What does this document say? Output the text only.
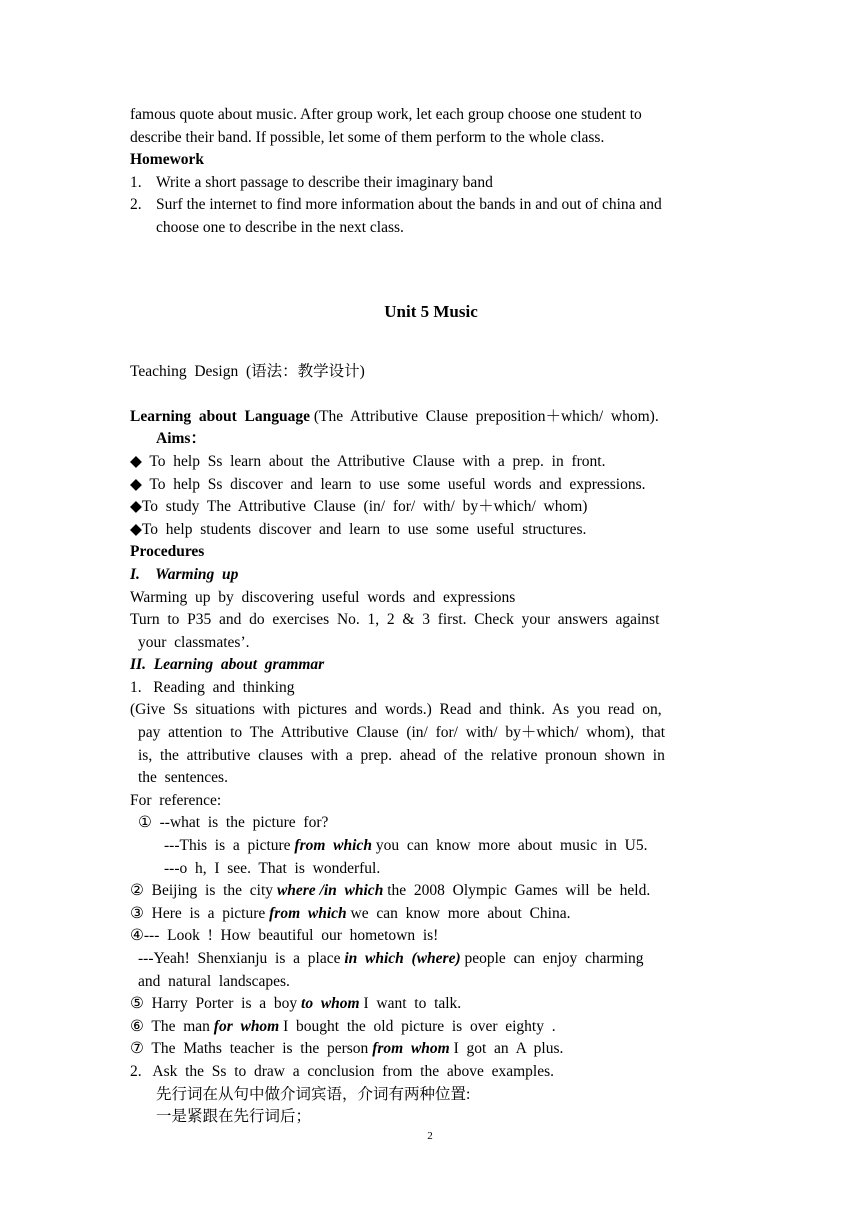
famous quote about music. After group work, let each group choose one student to

describe their band. If possible, let some of them perform to the whole class.

Homework

1. Write a short passage to describe their imaginary band
2. Surf the internet to find more information about the bands in and out of china and

choose one to describe in the next class.

Unit 5 Music

Teaching  Design  (语法：教学设计)

Learning  about  Language (The  Attributive  Clause  preposition＋which/  whom).

Aims：

◆  To  help  Ss  learn  about  the  Attributive  Clause  with  a  prep.  in  front.

◆  To  help  Ss  discover  and  learn  to  use  some  useful  words  and  expressions.

◆To  study  The  Attributive  Clause  (in/  for/  with/  by＋which/  whom)

◆To  help  students  discover  and  learn  to  use  some  useful  structures.

Procedures

I.    Warming  up

Warming  up  by  discovering  useful  words  and  expressions

Turn  to  P35  and  do  exercises  No.  1,  2  &  3  first.  Check  your  answers  against

your  classmates’.

II.  Learning  about  grammar

1.   Reading  and  thinking

(Give  Ss  situations  with  pictures  and  words.)  Read  and  think.  As  you  read  on,

pay  attention  to  The  Attributive  Clause  (in/  for/  with/  by＋which/  whom),  that

is,  the  attributive  clauses  with  a  prep.  ahead  of  the  relative  pronoun  shown  in

the  sentences.

For  reference:

①  --what  is  the  picture  for?

---This  is  a  picture from  which you  can  know  more  about  music  in  U5.

---o  h,  I  see.  That  is  wonderful.

②  Beijing  is  the  city where /in  which the  2008  Olympic  Games  will  be  held.

③  Here  is  a  picture from  which we  can  know  more  about  China.

④---  Look  !  How  beautiful  our  hometown  is!

---Yeah!  Shenxianju  is  a  place in  which  (where) people  can  enjoy  charming

and  natural  landscapes.

⑤  Harry  Porter  is  a  boy to  whom I  want  to  talk.

⑥  The  man for  whom I  bought  the  old  picture  is  over  eighty  .

⑦  The  Maths  teacher  is  the  person from  whom I  got  an  A  plus.

2.   Ask  the  Ss  to  draw  a  conclusion  from  the  above  examples.

先行词在从句中做介词宾语，介词有两种位置:

一是紧跟在先行词后；

2
